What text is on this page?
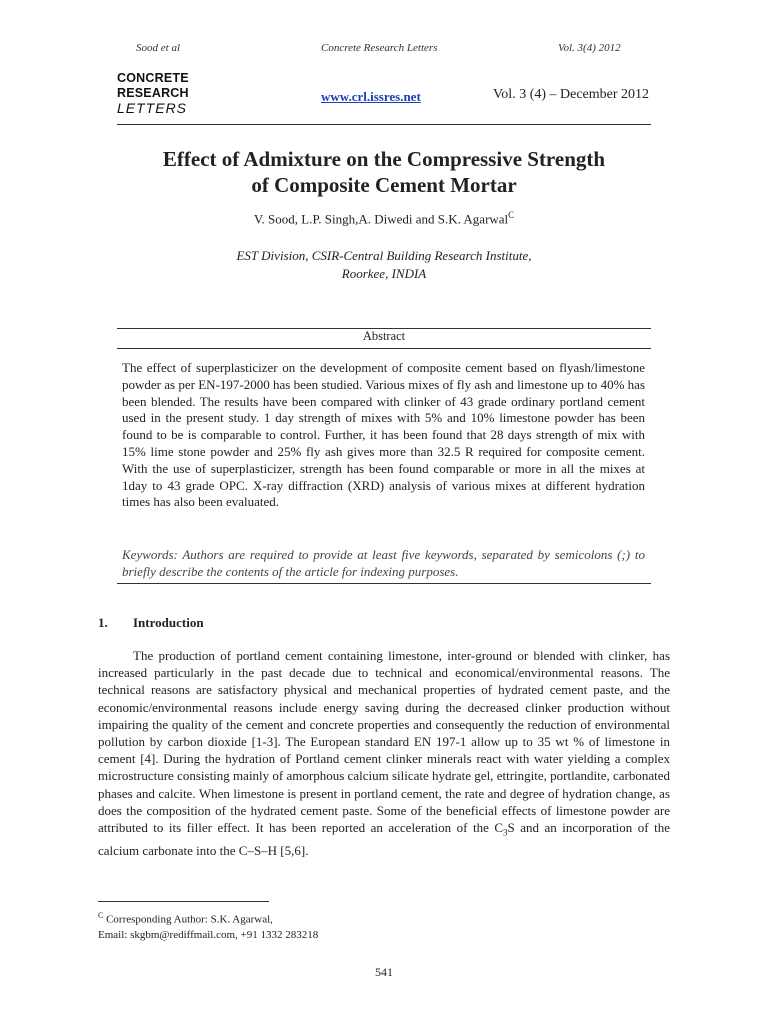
Sood et al	Concrete Research Letters	Vol. 3(4) 2012
CONCRETE
RESEARCH
LETTERS
www.crl.issres.net	Vol. 3 (4) – December 2012
Effect of Admixture on the Compressive Strength
of Composite Cement Mortar
V. Sood, L.P. Singh,A. Diwedi and S.K. Agarwal$^C$
EST Division, CSIR-Central Building Research Institute,
Roorkee, INDIA
Abstract

The effect of superplasticizer on the development of composite cement based on flyash/limestone powder as per EN-197-2000 has been studied. Various mixes of fly ash and limestone up to 40% has been blended. The results have been compared with clinker of 43 grade ordinary portland cement used in the present study. 1 day strength of mixes with 5% and 10% limestone powder has been found to be is comparable to control. Further, it has been found that 28 days strength of mix with 15% lime stone powder and 25% fly ash gives more than 32.5 R required for composite cement. With the use of superplasticizer, strength has been found comparable or more in all the mixes at 1day to 43 grade OPC. X-ray diffraction (XRD) analysis of various mixes at different hydration times has also been evaluated.

Keywords: Authors are required to provide at least five keywords, separated by semicolons (;) to briefly describe the contents of the article for indexing purposes.

1. Introduction

The production of portland cement containing limestone, inter-ground or blended with clinker, has increased particularly in the past decade due to technical and economical/environmental reasons. The technical reasons are satisfactory physical and mechanical properties of hydrated cement paste, and the economic/environmental reasons include energy saving during the decreased clinker production without impairing the quality of the cement and concrete properties and consequently the reduction of environmental pollution by carbon dioxide [1-3]. The European standard EN 197-1 allow up to 35 wt % of limestone in cement [4]. During the hydration of Portland cement clinker minerals react with water yielding a complex microstructure consisting mainly of amorphous calcium silicate hydrate gel, ettringite, portlandite, carbonated phases and calcite. When limestone is present in portland cement, the rate and degree of hydration change, as does the composition of the hydrated cement paste. Some of the beneficial effects of limestone powder are attributed to its filler effect. It has been reported an acceleration of the $C_3S$ and an incorporation of the calcium carbonate into the C–S–H [5,6].

$^C$ Corresponding Author: S.K. Agarwal,
Email: skgbm@rediffmail.com, +91 1332 283218
541
